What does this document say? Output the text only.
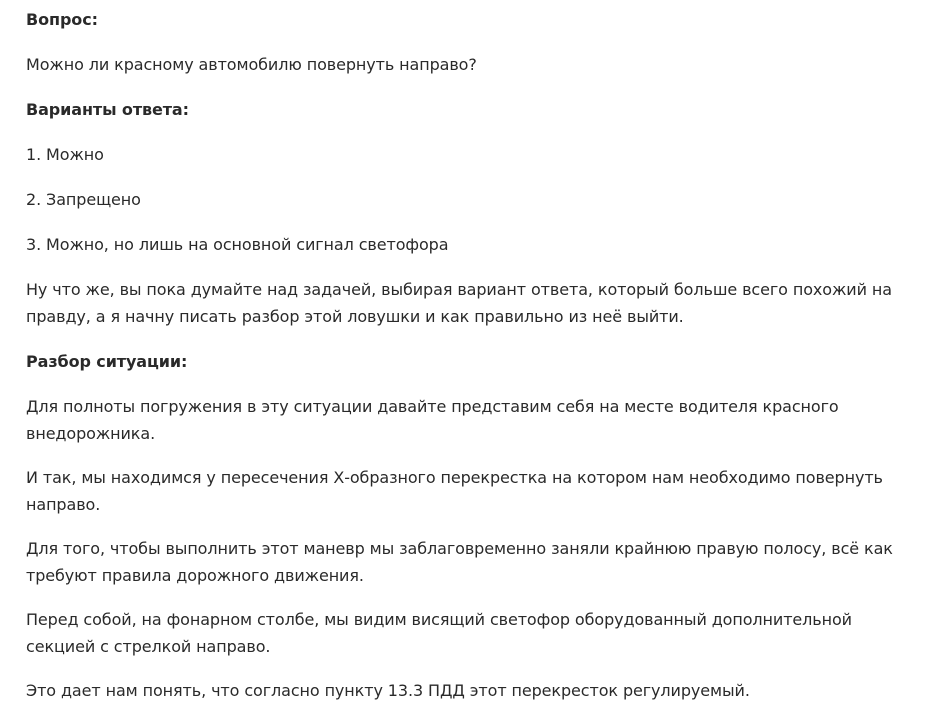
Вопрос:

Можно ли красному автомобилю повернуть направо?

Варианты ответа:

1. Можно

2. Запрещено

3. Можно, но лишь на основной сигнал светофора

Ну что же, вы пока думайте над задачей, выбирая вариант ответа, который больше всего похожий на правду, а я начну писать разбор этой ловушки и как правильно из неё выйти.

Разбор ситуации:

Для полноты погружения в эту ситуации давайте представим себя на месте водителя красного внедорожника.

И так, мы находимся у пересечения Х-образного перекрестка на котором нам необходимо повернуть направо.

Для того, чтобы выполнить этот маневр мы заблаговременно заняли крайнюю правую полосу, всё как требуют правила дорожного движения.

Перед собой, на фонарном столбе, мы видим висящий светофор оборудованный дополнительной секцией с стрелкой направо.

Это дает нам понять, что согласно пункту 13.3 ПДД этот перекресток регулируемый.
